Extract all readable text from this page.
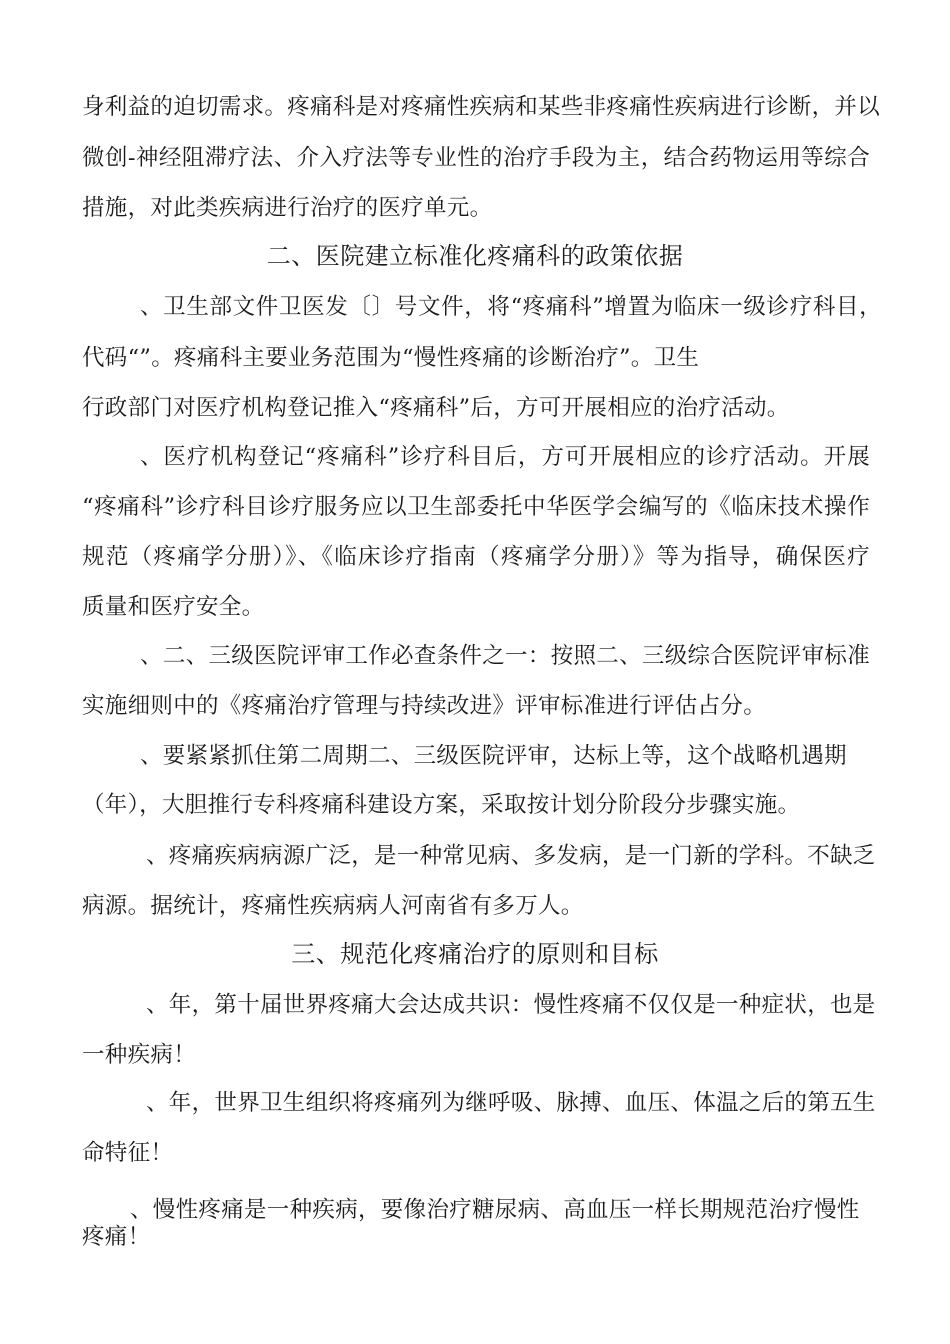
身利益的迫切需求。疼痛科是对疼痛性疾病和某些非疼痛性疾病进行诊断，并以
微创-神经阻滞疗法、介入疗法等专业性的治疗手段为主，结合药物运用等综合
措施，对此类疾病进行治疗的医疗单元。
二、医院建立标准化疼痛科的政策依据
、卫生部文件卫医发〔〕号文件，将“疼痛科”增置为临床一级诊疗科目，
代码“”。疼痛科主要业务范围为“慢性疼痛的诊断治疗”。卫生
行政部门对医疗机构登记推入“疼痛科”后，方可开展相应的治疗活动。
、医疗机构登记“疼痛科”诊疗科目后，方可开展相应的诊疗活动。开展
“疼痛科”诊疗科目诊疗服务应以卫生部委托中华医学会编写的《临床技术操作
规范（疼痛学分册）》、《临床诊疗指南（疼痛学分册）》等为指导，确保医疗
质量和医疗安全。
、二、三级医院评审工作必查条件之一：按照二、三级综合医院评审标准
实施细则中的《疼痛治疗管理与持续改进》评审标准进行评估占分。
、要紧紧抓住第二周期二、三级医院评审，达标上等，这个战略机遇期
（年），大胆推行专科疼痛科建设方案，采取按计划分阶段分步骤实施。
、疼痛疾病病源广泛，是一种常见病、多发病，是一门新的学科。不缺乏
病源。据统计，疼痛性疾病病人河南省有多万人。
三、规范化疼痛治疗的原则和目标
、年，第十届世界疼痛大会达成共识：慢性疼痛不仅仅是一种症状，也是
一种疾病！
、年，世界卫生组织将疼痛列为继呼吸、脉搏、血压、体温之后的第五生
命特征！
、慢性疼痛是一种疾病，要像治疗糖尿病、高血压一样长期规范治疗慢性
疼痛！
